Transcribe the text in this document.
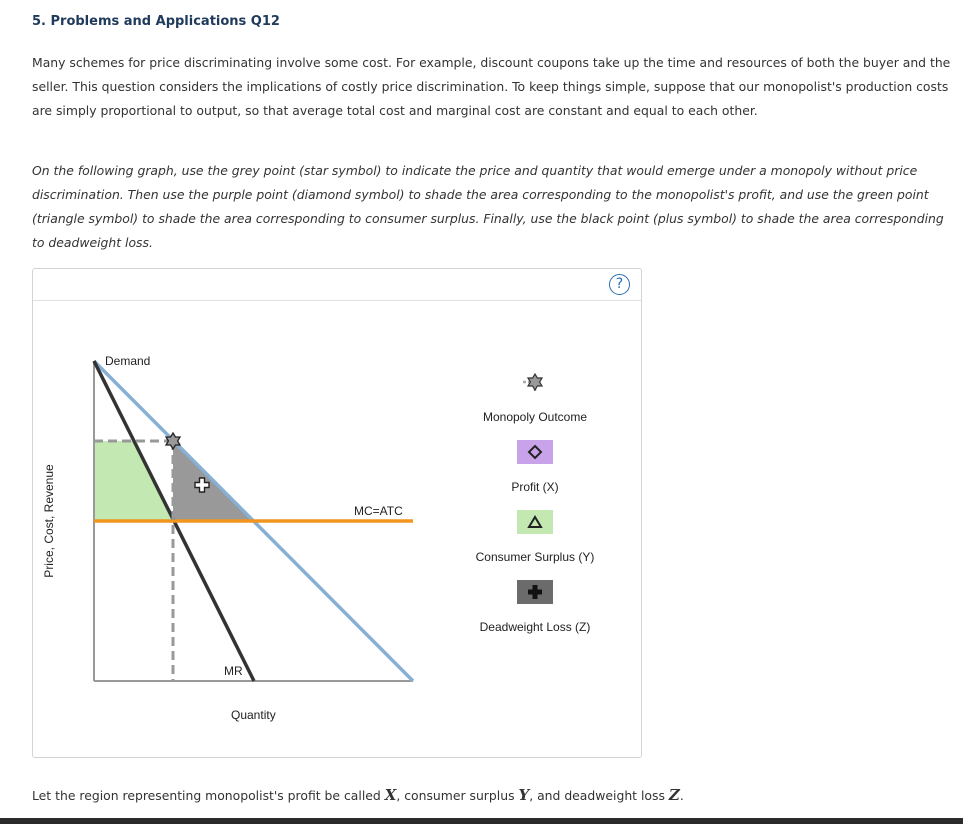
5. Problems and Applications Q12
Many schemes for price discriminating involve some cost. For example, discount coupons take up the time and resources of both the buyer and the seller. This question considers the implications of costly price discrimination. To keep things simple, suppose that our monopolist's production costs are simply proportional to output, so that average total cost and marginal cost are constant and equal to each other.
On the following graph, use the grey point (star symbol) to indicate the price and quantity that would emerge under a monopoly without price discrimination. Then use the purple point (diamond symbol) to shade the area corresponding to the monopolist's profit, and use the green point (triangle symbol) to shade the area corresponding to consumer surplus. Finally, use the black point (plus symbol) to shade the area corresponding to deadweight loss.
?
Demand
MR
MC=ATC
Quantity
Price, Cost, Revenue
Monopoly Outcome
Profit (X)
Consumer Surplus (Y)
Deadweight Loss (Z)
Let the region representing monopolist's profit be called X, consumer surplus Y, and deadweight loss Z.
